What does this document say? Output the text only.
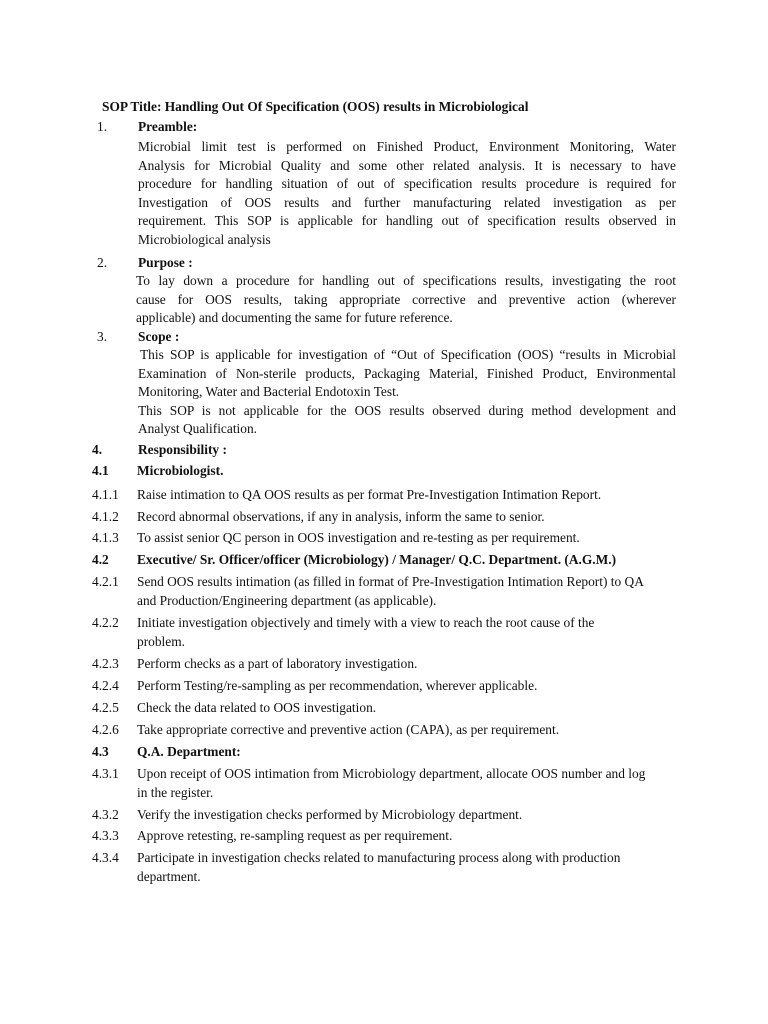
SOP Title: Handling Out Of Specification (OOS) results in Microbiological
1. Preamble:
Microbial limit test is performed on Finished Product, Environment Monitoring, Water
Analysis for Microbial Quality and some other related analysis. It is necessary to have
procedure for handling situation of out of specification results procedure is required for
Investigation of OOS results and further manufacturing related investigation as per
requirement. This SOP is applicable for handling out of specification results observed in
Microbiological analysis
2. Purpose :
To lay down a procedure for handling out of specifications results, investigating the root
cause for OOS results, taking appropriate corrective and preventive action (wherever
applicable) and documenting the same for future reference.
3. Scope :
This SOP is applicable for investigation of “Out of Specification (OOS) “results in Microbial
Examination of Non-sterile products, Packaging Material, Finished Product, Environmental
Monitoring, Water and Bacterial Endotoxin Test.
This SOP is not applicable for the OOS results observed during method development and
Analyst Qualification.
4.	Responsibility :
4.1 Microbiologist.
4.1.1 Raise intimation to QA OOS results as per format Pre-Investigation Intimation Report.
4.1.2 Record abnormal observations, if any in analysis, inform the same to senior.
4.1.3 To assist senior QC person in OOS investigation and re-testing as per requirement.
4.2 Executive/ Sr. Officer/officer (Microbiology) / Manager/ Q.C. Department. (A.G.M.)
4.2.1 Send OOS results intimation (as filled in format of Pre-Investigation Intimation Report) to QA
and Production/Engineering department (as applicable).
4.2.2 Initiate investigation objectively and timely with a view to reach the root cause of the
problem.
4.2.3 Perform checks as a part of laboratory investigation.
4.2.4 Perform Testing/re-sampling as per recommendation, wherever applicable.
4.2.5 Check the data related to OOS investigation.
4.2.6 Take appropriate corrective and preventive action (CAPA), as per requirement.
4.3 Q.A. Department:
4.3.1 Upon receipt of OOS intimation from Microbiology department, allocate OOS number and log
in the register.
4.3.2 Verify the investigation checks performed by Microbiology department.
4.3.3 Approve retesting, re-sampling request as per requirement.
4.3.4 Participate in investigation checks related to manufacturing process along with production
department.
